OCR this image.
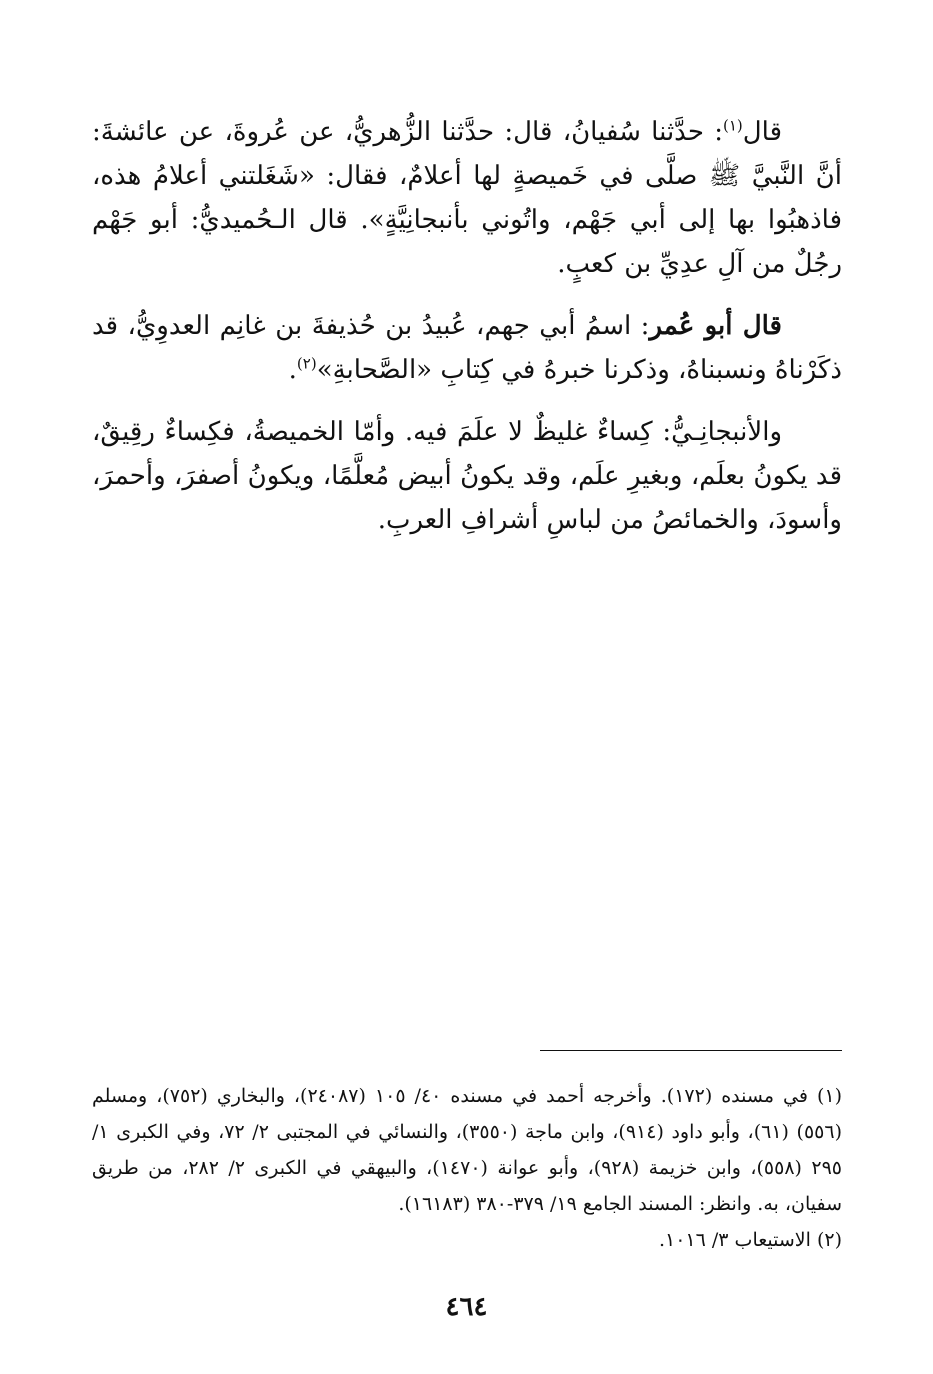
قال$^{(١)}$: حدَّثنا سُفيانُ، قال: حدَّثنا الزُّهريُّ، عن عُروةَ، عن عائشةَ: أنَّ النَّبيَّ ﷺ صلَّى في خَميصةٍ لها أعلامٌ، فقال: «شَغَلتني أعلامُ هذه، فاذهبُوا بها إلى أبي جَهْم، واتُوني بأنبجانِيَّةٍ». قال الـحُميديُّ: أبو جَهْم رجُلٌ من آلِ عدِيِّ بن كعبٍ.

قال أبو عُمر: اسمُ أبي جهم، عُبيدُ بن حُذيفةَ بن غانِم العدوِيُّ، قد ذكَرْناهُ ونسبناهُ، وذكرنا خبرهُ في كِتابِ «الصَّحابةِ»$^{(٢)}$.

والأنبجانِـيُّ: كِساءٌ غليظٌ لا علَمَ فيه. وأمّا الخميصةُ، فكِساءٌ رقِيقٌ، قد يكونُ بعلَم، وبغيرِ علَم، وقد يكونُ أبيض مُعلَّمًا، ويكونُ أصفرَ، وأحمرَ، وأسودَ، والخمائصُ من لباسِ أشرافِ العربِ.

(١) في مسنده (١٧٢). وأخرجه أحمد في مسنده ٤٠/ ١٠٥ (٢٤٠٨٧)، والبخاري (٧٥٢)، ومسلم (٥٥٦) (٦١)، وأبو داود (٩١٤)، وابن ماجة (٣٥٥٠)، والنسائي في المجتبى ٢/ ٧٢، وفي الكبرى ١/ ٢٩٥ (٥٥٨)، وابن خزيمة (٩٢٨)، وأبو عوانة (١٤٧٠)، والبيهقي في الكبرى ٢/ ٢٨٢، من طريق سفيان، به. وانظر: المسند الجامع ١٩/ ٣٧٩-٣٨٠ (١٦١٨٣).

(٢) الاستيعاب ٣/ ١٠١٦.

٤٦٤
